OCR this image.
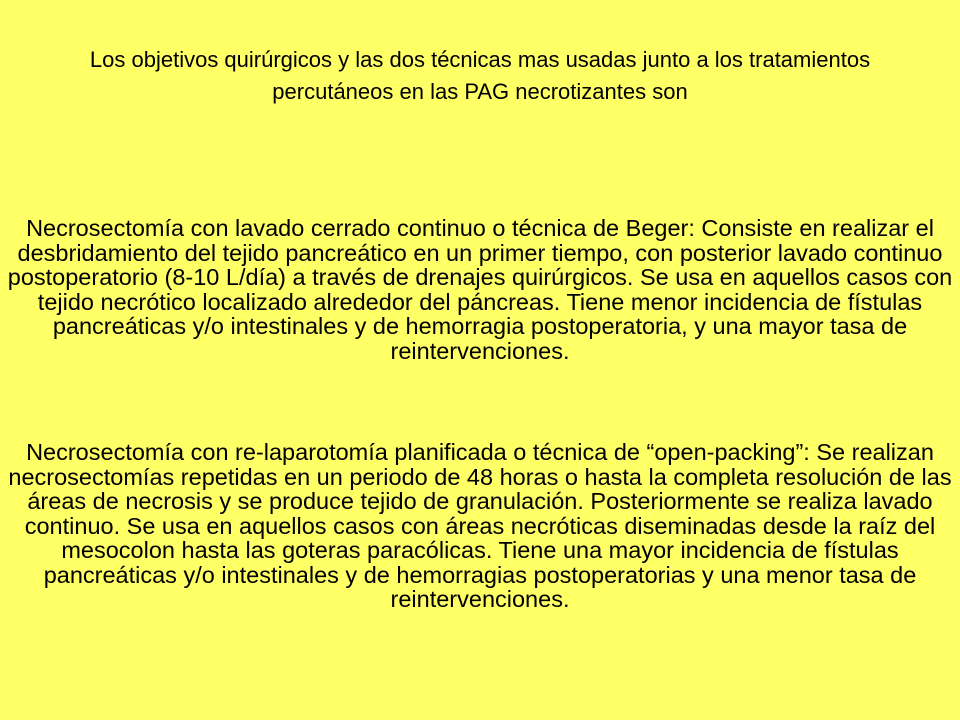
Los objetivos quirúrgicos y las dos técnicas mas usadas junto a los tratamientos percutáneos en las PAG necrotizantes son
Necrosectomía con lavado cerrado continuo o técnica de Beger: Consiste en realizar el desbridamiento del tejido pancreático en un primer tiempo, con posterior lavado continuo postoperatorio (8-10 L/día) a través de drenajes quirúrgicos. Se usa en aquellos casos con tejido necrótico localizado alrededor del páncreas. Tiene menor incidencia de fístulas pancreáticas y/o intestinales y de hemorragia postoperatoria, y una mayor tasa de reintervenciones.
Necrosectomía con re-laparotomía planificada o técnica de “open-packing”: Se realizan necrosectomías repetidas en un periodo de 48 horas o hasta la completa resolución de las áreas de necrosis y se produce tejido de granulación. Posteriormente se realiza lavado continuo. Se usa en aquellos casos con áreas necróticas diseminadas desde la raíz del mesocolon hasta las goteras paracólicas. Tiene una mayor incidencia de fístulas pancreáticas y/o intestinales y de hemorragias postoperatorias y una menor tasa de reintervenciones.
